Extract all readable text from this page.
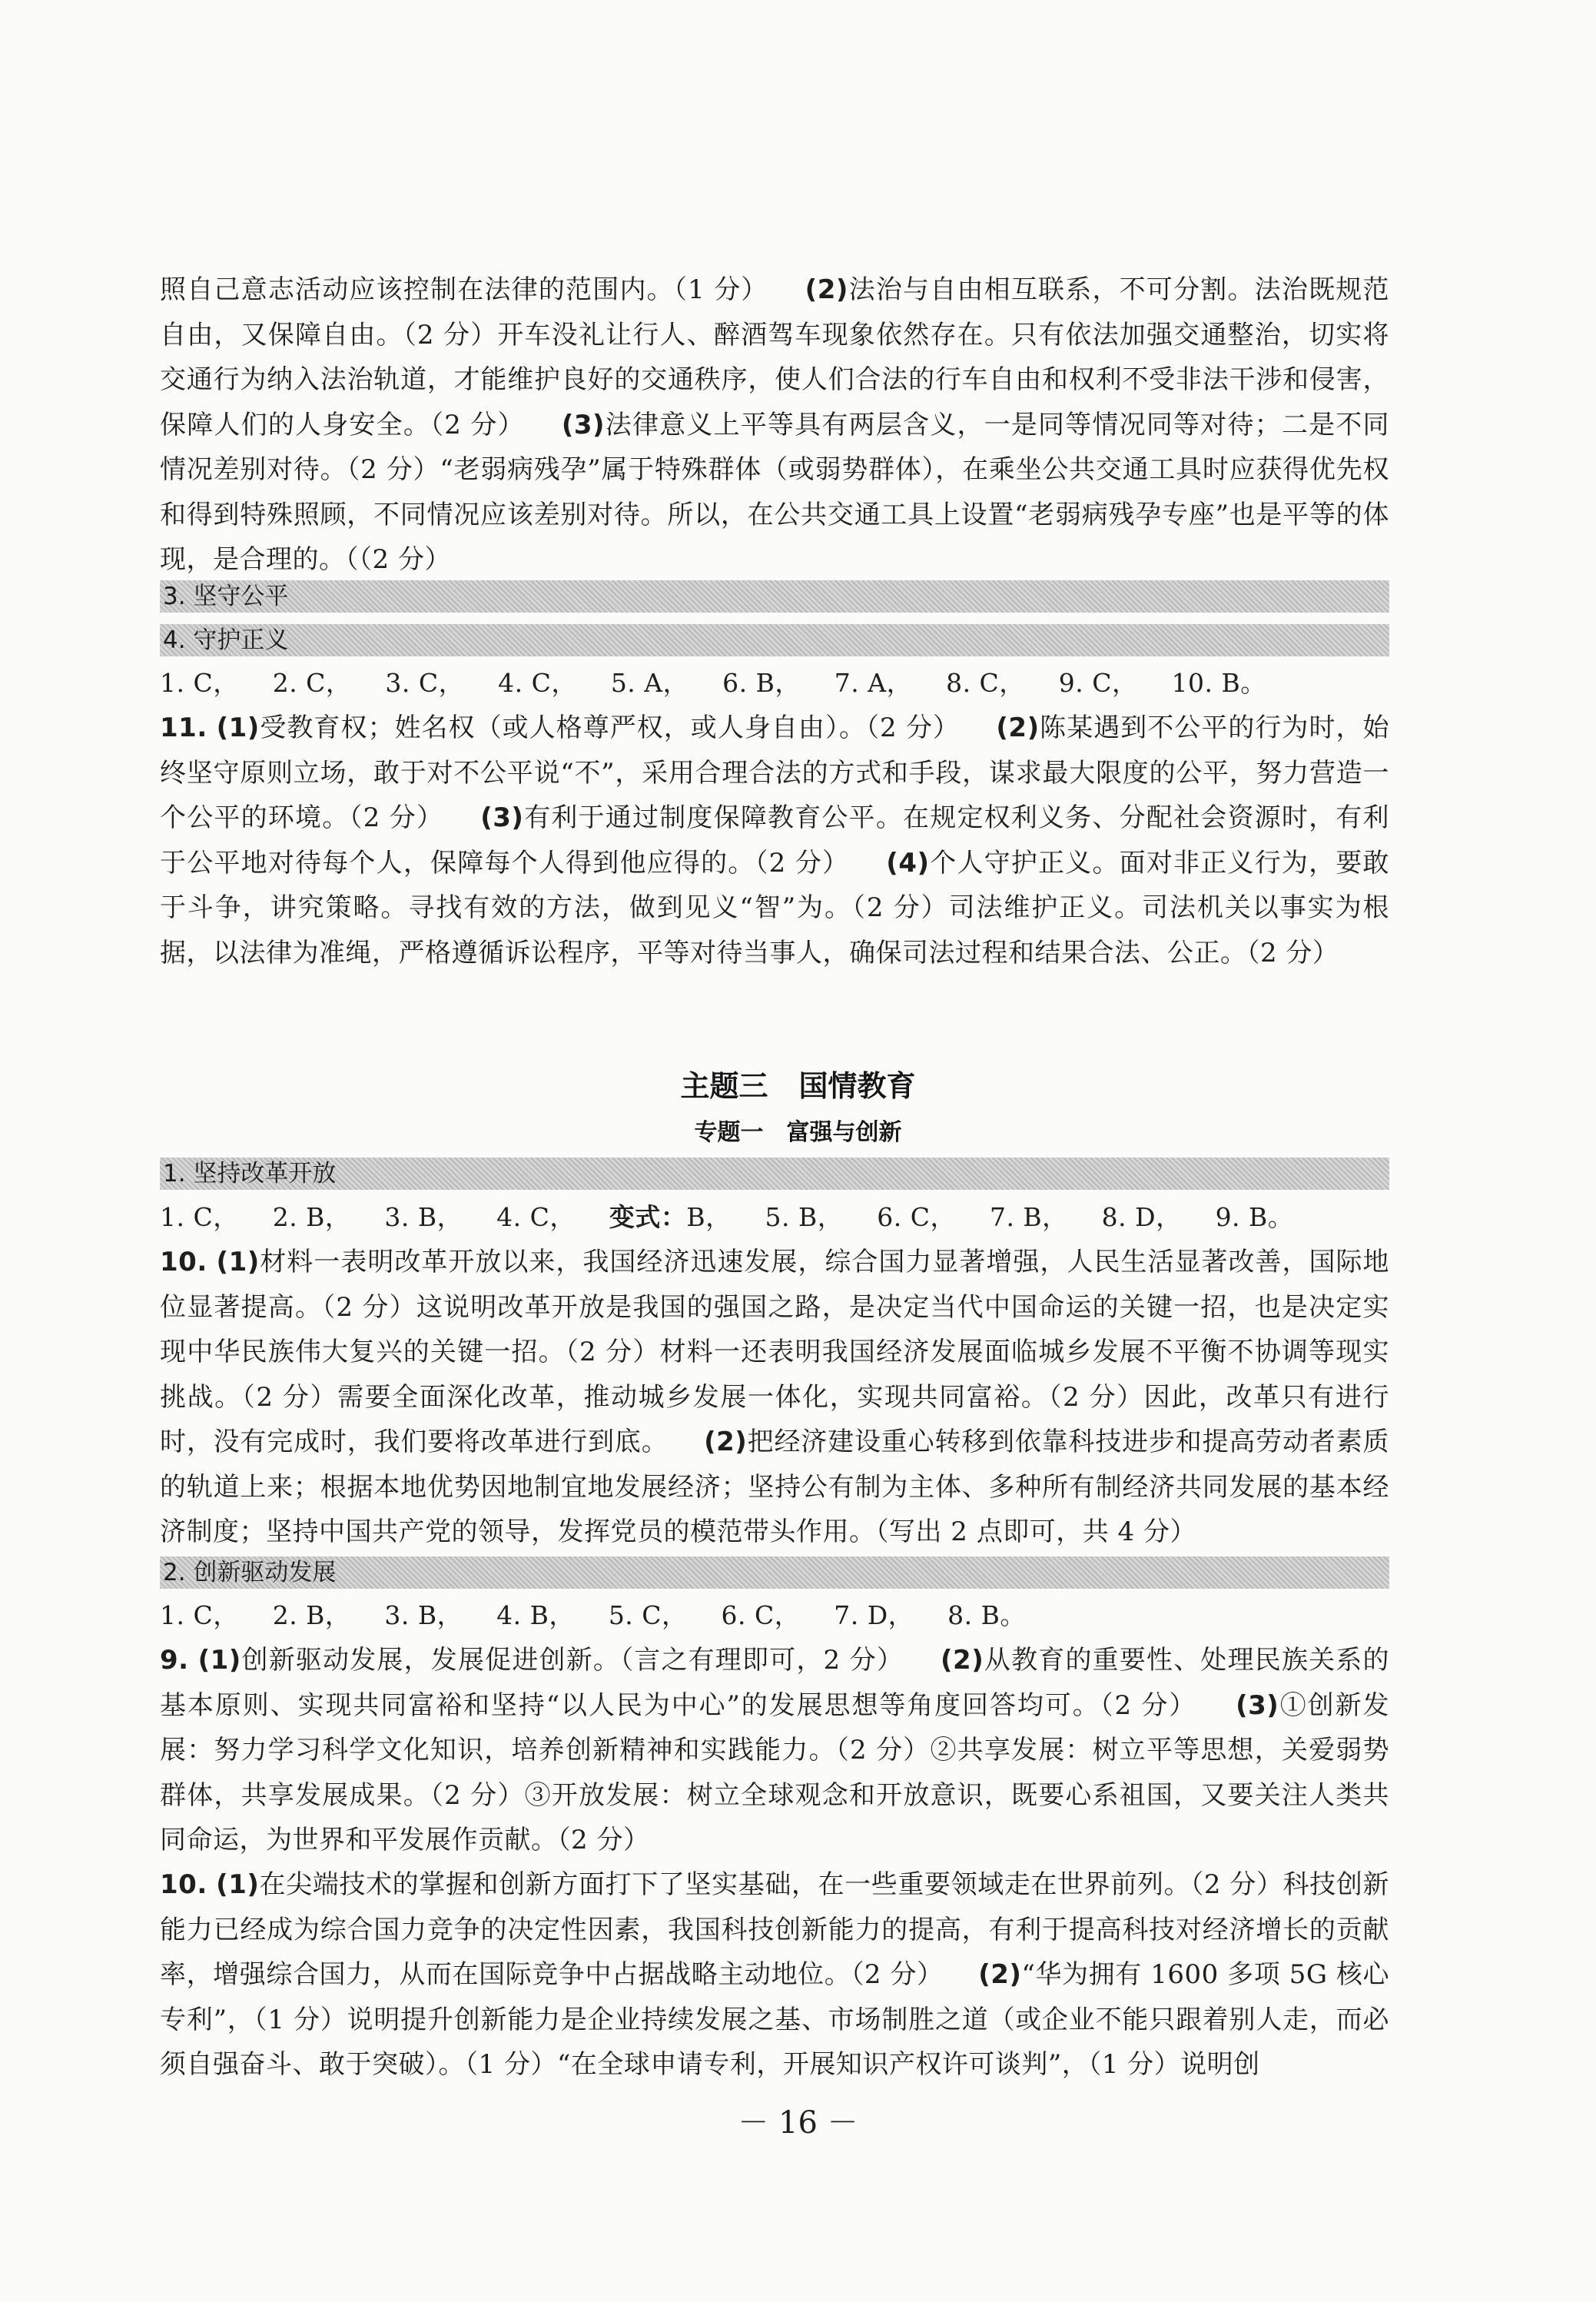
照自己意志活动应该控制在法律的范围内。（1 分） (2)法治与自由相互联系，不可分割。法治既规范自由，又保障自由。（2 分）开车没礼让行人、醉酒驾车现象依然存在。只有依法加强交通整治，切实将交通行为纳入法治轨道，才能维护良好的交通秩序，使人们合法的行车自由和权利不受非法干涉和侵害，保障人们的人身安全。（2 分） (3)法律意义上平等具有两层含义，一是同等情况同等对待；二是不同情况差别对待。（2 分）“老弱病残孕”属于特殊群体（或弱势群体），在乘坐公共交通工具时应获得优先权和得到特殊照顾，不同情况应该差别对待。所以，在公共交通工具上设置“老弱病残孕专座”也是平等的体现，是合理的。（（2 分）
3. 坚守公平
4. 守护正义
1. C， 2. C， 3. C， 4. C， 5. A， 6. B， 7. A， 8. C， 9. C， 10. B。
11. (1)受教育权；姓名权（或人格尊严权，或人身自由）。（2 分） (2)陈某遇到不公平的行为时，始终坚守原则立场，敢于对不公平说“不”，采用合理合法的方式和手段，谋求最大限度的公平，努力营造一个公平的环境。（2 分） (3)有利于通过制度保障教育公平。在规定权利义务、分配社会资源时，有利于公平地对待每个人，保障每个人得到他应得的。（2 分） (4)个人守护正义。面对非正义行为，要敢于斗争，讲究策略。寻找有效的方法，做到见义“智”为。（2 分）司法维护正义。司法机关以事实为根据，以法律为准绳，严格遵循诉讼程序，平等对待当事人，确保司法过程和结果合法、公正。（2 分）
主题三 国情教育
专题一 富强与创新
1. 坚持改革开放
1. C， 2. B， 3. B， 4. C， 变式：B， 5. B， 6. C， 7. B， 8. D， 9. B。
10. (1)材料一表明改革开放以来，我国经济迅速发展，综合国力显著增强，人民生活显著改善，国际地位显著提高。（2 分）这说明改革开放是我国的强国之路，是决定当代中国命运的关键一招，也是决定实现中华民族伟大复兴的关键一招。（2 分）材料一还表明我国经济发展面临城乡发展不平衡不协调等现实挑战。（2 分）需要全面深化改革，推动城乡发展一体化，实现共同富裕。（2 分）因此，改革只有进行时，没有完成时，我们要将改革进行到底。 (2)把经济建设重心转移到依靠科技进步和提高劳动者素质的轨道上来；根据本地优势因地制宜地发展经济；坚持公有制为主体、多种所有制经济共同发展的基本经济制度；坚持中国共产党的领导，发挥党员的模范带头作用。（写出 2 点即可，共 4 分）
2. 创新驱动发展
1. C， 2. B， 3. B， 4. B， 5. C， 6. C， 7. D， 8. B。
9. (1)创新驱动发展，发展促进创新。（言之有理即可，2 分） (2)从教育的重要性、处理民族关系的基本原则、实现共同富裕和坚持“以人民为中心”的发展思想等角度回答均可。（2 分） (3)①创新发展：努力学习科学文化知识，培养创新精神和实践能力。（2 分）②共享发展：树立平等思想，关爱弱势群体，共享发展成果。（2 分）③开放发展：树立全球观念和开放意识，既要心系祖国，又要关注人类共同命运，为世界和平发展作贡献。（2 分）
10. (1)在尖端技术的掌握和创新方面打下了坚实基础，在一些重要领域走在世界前列。（2 分）科技创新能力已经成为综合国力竞争的决定性因素，我国科技创新能力的提高，有利于提高科技对经济增长的贡献率，增强综合国力，从而在国际竞争中占据战略主动地位。（2 分） (2)“华为拥有 1600 多项 5G 核心专利”，（1 分）说明提升创新能力是企业持续发展之基、市场制胜之道（或企业不能只跟着别人走，而必须自强奋斗、敢于突破）。（1 分）“在全球申请专利，开展知识产权许可谈判”，（1 分）说明创
－ 16 －
